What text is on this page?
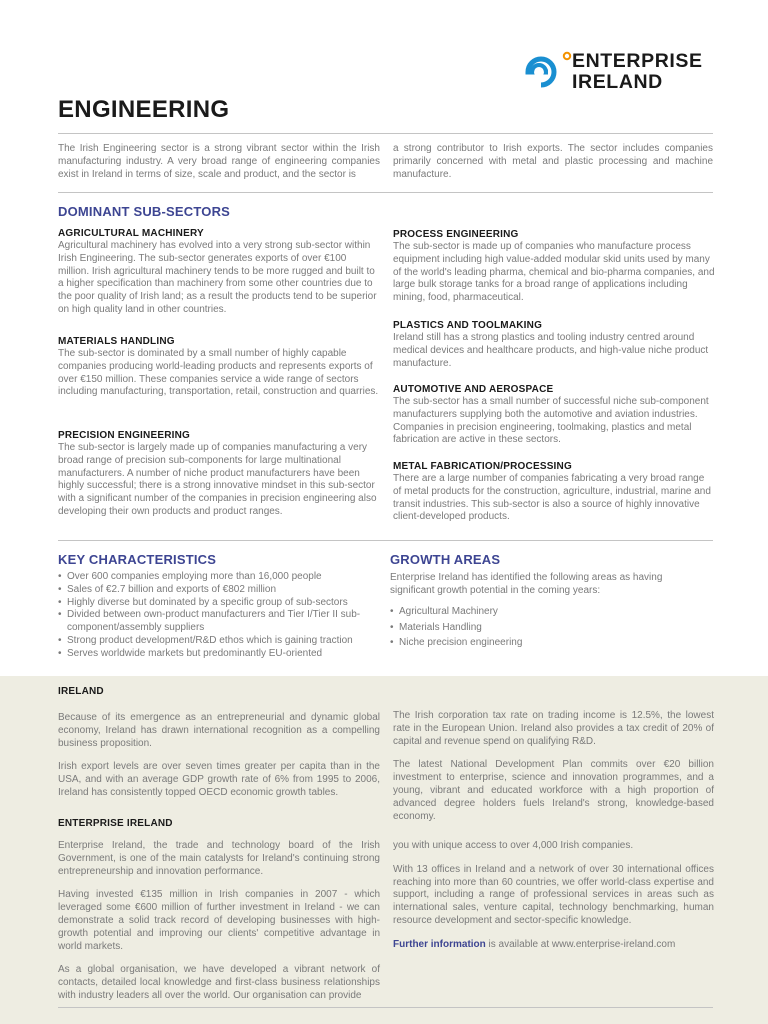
ENTERPRISE
IRELAND
ENGINEERING
The Irish Engineering sector is a strong vibrant sector within the Irish manufacturing industry. A very broad range of engineering companies exist in Ireland in terms of size, scale and product, and the sector is
a strong contributor to Irish exports. The sector includes companies primarily concerned with metal and plastic processing and machine manufacture.
DOMINANT SUB-SECTORS
AGRICULTURAL MACHINERY
Agricultural machinery has evolved into a very strong sub-sector within Irish Engineering. The sub-sector generates exports of over €100 million. Irish agricultural machinery tends to be more rugged and built to a higher specification than machinery from some other countries due to the poor quality of Irish land; as a result the products tend to be superior on high quality land in other countries.
MATERIALS HANDLING
The sub-sector is dominated by a small number of highly capable companies producing world-leading products and represents exports of over €150 million. These companies service a wide range of sectors including manufacturing, transportation, retail, construction and quarries.
PRECISION ENGINEERING
The sub-sector is largely made up of companies manufacturing a very broad range of precision sub-components for large multinational manufacturers. A number of niche product manufacturers have been highly successful; there is a strong innovative mindset in this sub-sector with a significant number of the companies in precision engineering also developing their own products and product ranges.
PROCESS ENGINEERING
The sub-sector is made up of companies who manufacture process equipment including high value-added modular skid units used by many of the world's leading pharma, chemical and bio-pharma companies, and large bulk storage tanks for a broad range of applications including mining, food, pharmaceutical.
PLASTICS AND TOOLMAKING
Ireland still has a strong plastics and tooling industry centred around medical devices and healthcare products, and high-value niche product manufacture.
AUTOMOTIVE AND AEROSPACE
The sub-sector has a small number of successful niche sub-component manufacturers supplying both the automotive and aviation industries. Companies in precision engineering, toolmaking, plastics and metal fabrication are active in these sectors.
METAL FABRICATION/PROCESSING
There are a large number of companies fabricating a very broad range of metal products for the construction, agriculture, industrial, marine and transit industries. This sub-sector is also a source of highly innovative client-developed products.
KEY CHARACTERISTICS
• Over 600 companies employing more than 16,000 people
• Sales of €2.7 billion and exports of €802 million
• Highly diverse but dominated by a specific group of sub-sectors
• Divided between own-product manufacturers and Tier I/Tier II sub-component/assembly suppliers
• Strong product development/R&D ethos which is gaining traction
• Serves worldwide markets but predominantly EU-oriented
GROWTH AREAS
Enterprise Ireland has identified the following areas as having significant growth potential in the coming years:
• Agricultural Machinery
• Materials Handling
• Niche precision engineering
IRELAND
Because of its emergence as an entrepreneurial and dynamic global economy, Ireland has drawn international recognition as a compelling business proposition.
Irish export levels are over seven times greater per capita than in the USA, and with an average GDP growth rate of 6% from 1995 to 2006, Ireland has consistently topped OECD economic growth tables.
The Irish corporation tax rate on trading income is 12.5%, the lowest rate in the European Union. Ireland also provides a tax credit of 20% of capital and revenue spend on qualifying R&D.
The latest National Development Plan commits over €20 billion investment to enterprise, science and innovation programmes, and a young, vibrant and educated workforce with a high proportion of advanced degree holders fuels Ireland's strong, knowledge-based economy.
ENTERPRISE IRELAND
Enterprise Ireland, the trade and technology board of the Irish Government, is one of the main catalysts for Ireland's continuing strong entrepreneurship and innovation performance.
Having invested €135 million in Irish companies in 2007 - which leveraged some €600 million of further investment in Ireland - we can demonstrate a solid track record of developing businesses with high-growth potential and improving our clients' competitive advantage in world markets.
As a global organisation, we have developed a vibrant network of contacts, detailed local knowledge and first-class business relationships with industry leaders all over the world. Our organisation can provide
you with unique access to over 4,000 Irish companies.
With 13 offices in Ireland and a network of over 30 international offices reaching into more than 60 countries, we offer world-class expertise and support, including a range of professional services in areas such as international sales, venture capital, technology benchmarking, human resource development and sector-specific knowledge.
Further information is available at www.enterprise-ireland.com
